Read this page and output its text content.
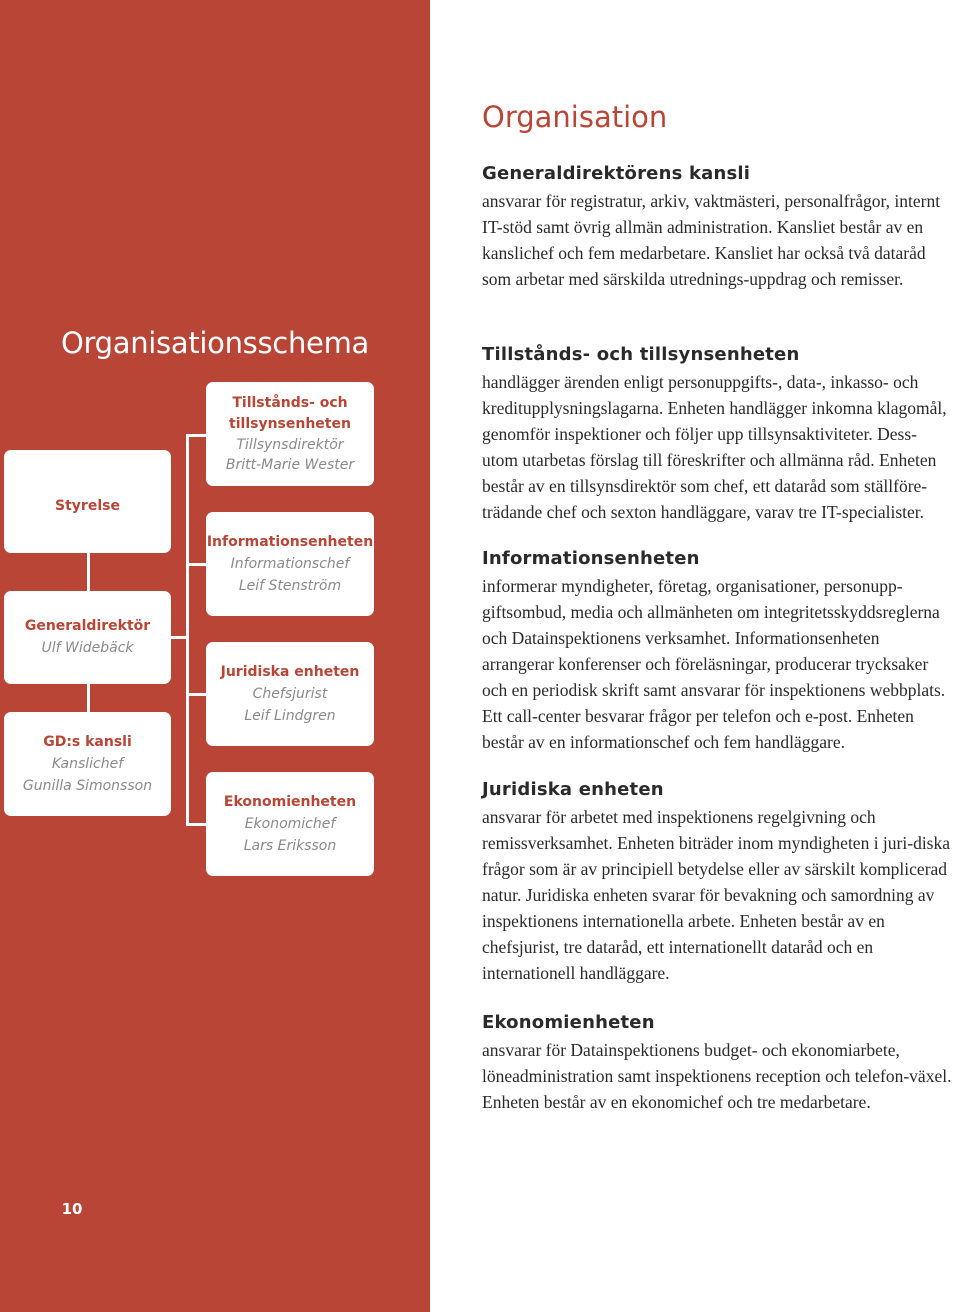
Organisationsschema
Styrelse
Generaldirektör
Ulf Widebäck
GD:s kansli
Kanslichef
Gunilla Simonsson
Tillstånds- och
tillsynsenheten
Tillsynsdirektör
Britt-Marie Wester
Informationsenheten
Informationschef
Leif Stenström
Juridiska enheten
Chefsjurist
Leif Lindgren
Ekonomienheten
Ekonomichef
Lars Eriksson
10
Organisation
Generaldirektörens kansli

ansvarar för registratur, arkiv, vaktmästeri, personalfrågor, internt IT-stöd samt övrig allmän administration. Kansliet består av en kanslichef och fem medarbetare. Kansliet har också två dataråd som arbetar med särskilda utrednings-uppdrag och remisser.

Tillstånds- och tillsynsenheten

handlägger ärenden enligt personuppgifts-, data-, inkasso- och kreditupplysningslagarna. Enheten handlägger inkomna klagomål, genomför inspektioner och följer upp tillsynsaktiviteter. Dess-utom utarbetas förslag till föreskrifter och allmänna råd. Enheten består av en tillsynsdirektör som chef, ett dataråd som ställföre-trädande chef och sexton handläggare, varav tre IT-specialister.

Informationsenheten

informerar myndigheter, företag, organisationer, personupp-giftsombud, media och allmänheten om integritetsskyddsreglerna och Datainspektionens verksamhet. Informationsenheten arrangerar konferenser och föreläsningar, producerar trycksaker och en periodisk skrift samt ansvarar för inspektionens webbplats. Ett call-center besvarar frågor per telefon och e-post. Enheten består av en informationschef och fem handläggare.

Juridiska enheten

ansvarar för arbetet med inspektionens regelgivning och remissverksamhet. Enheten biträder inom myndigheten i juri-diska frågor som är av principiell betydelse eller av särskilt komplicerad natur. Juridiska enheten svarar för bevakning och samordning av inspektionens internationella arbete. Enheten består av en chefsjurist, tre dataråd, ett internationellt dataråd och en internationell handläggare.

Ekonomienheten

ansvarar för Datainspektionens budget- och ekonomiarbete, löneadministration samt inspektionens reception och telefon-växel. Enheten består av en ekonomichef och tre medarbetare.
